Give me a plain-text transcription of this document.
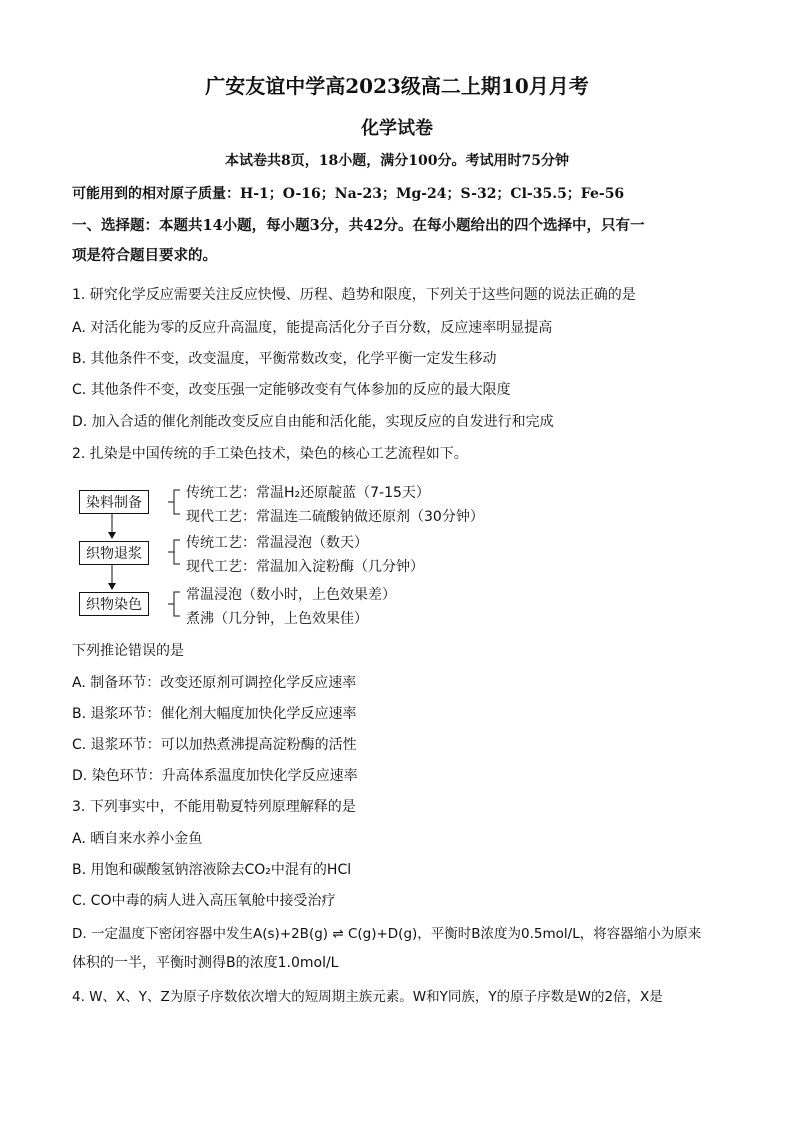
广安友谊中学高2023级高二上期10月月考
化学试卷
本试卷共8页，18小题，满分100分。考试用时75分钟
可能用到的相对原子质量：H-1；O-16；Na-23；Mg-24；S-32；Cl-35.5；Fe-56
一、选择题：本题共14小题，每小题3分，共42分。在每小题给出的四个选择中，只有一
项是符合题目要求的。
1. 研究化学反应需要关注反应快慢、历程、趋势和限度，下列关于这些问题的说法正确的是
A. 对活化能为零的反应升高温度，能提高活化分子百分数，反应速率明显提高
B. 其他条件不变，改变温度，平衡常数改变，化学平衡一定发生移动
C. 其他条件不变，改变压强一定能够改变有气体参加的反应的最大限度
D. 加入合适的催化剂能改变反应自由能和活化能，实现反应的自发进行和完成
2. 扎染是中国传统的手工染色技术，染色的核心工艺流程如下。
染料制备
织物退浆
织物染色
传统工艺：常温H₂还原靛蓝（7-15天）
现代工艺：常温连二硫酸钠做还原剂（30分钟）
传统工艺：常温浸泡（数天）
现代工艺：常温加入淀粉酶（几分钟）
常温浸泡（数小时，上色效果差）
煮沸（几分钟，上色效果佳）
下列推论错误的是
A. 制备环节：改变还原剂可调控化学反应速率
B. 退浆环节：催化剂大幅度加快化学反应速率
C. 退浆环节：可以加热煮沸提高淀粉酶的活性
D. 染色环节：升高体系温度加快化学反应速率
3. 下列事实中，不能用勒夏特列原理解释的是
A. 晒自来水养小金鱼
B. 用饱和碳酸氢钠溶液除去CO₂中混有的HCl
C. CO中毒的病人进入高压氧舱中接受治疗
D. 一定温度下密闭容器中发生A(s)+2B(g) ⇌ C(g)+D(g)，平衡时B浓度为0.5mol/L，将容器缩小为原来
体积的一半，平衡时测得B的浓度1.0mol/L
4. W、X、Y、Z为原子序数依次增大的短周期主族元素。W和Y同族，Y的原子序数是W的2倍，X是
